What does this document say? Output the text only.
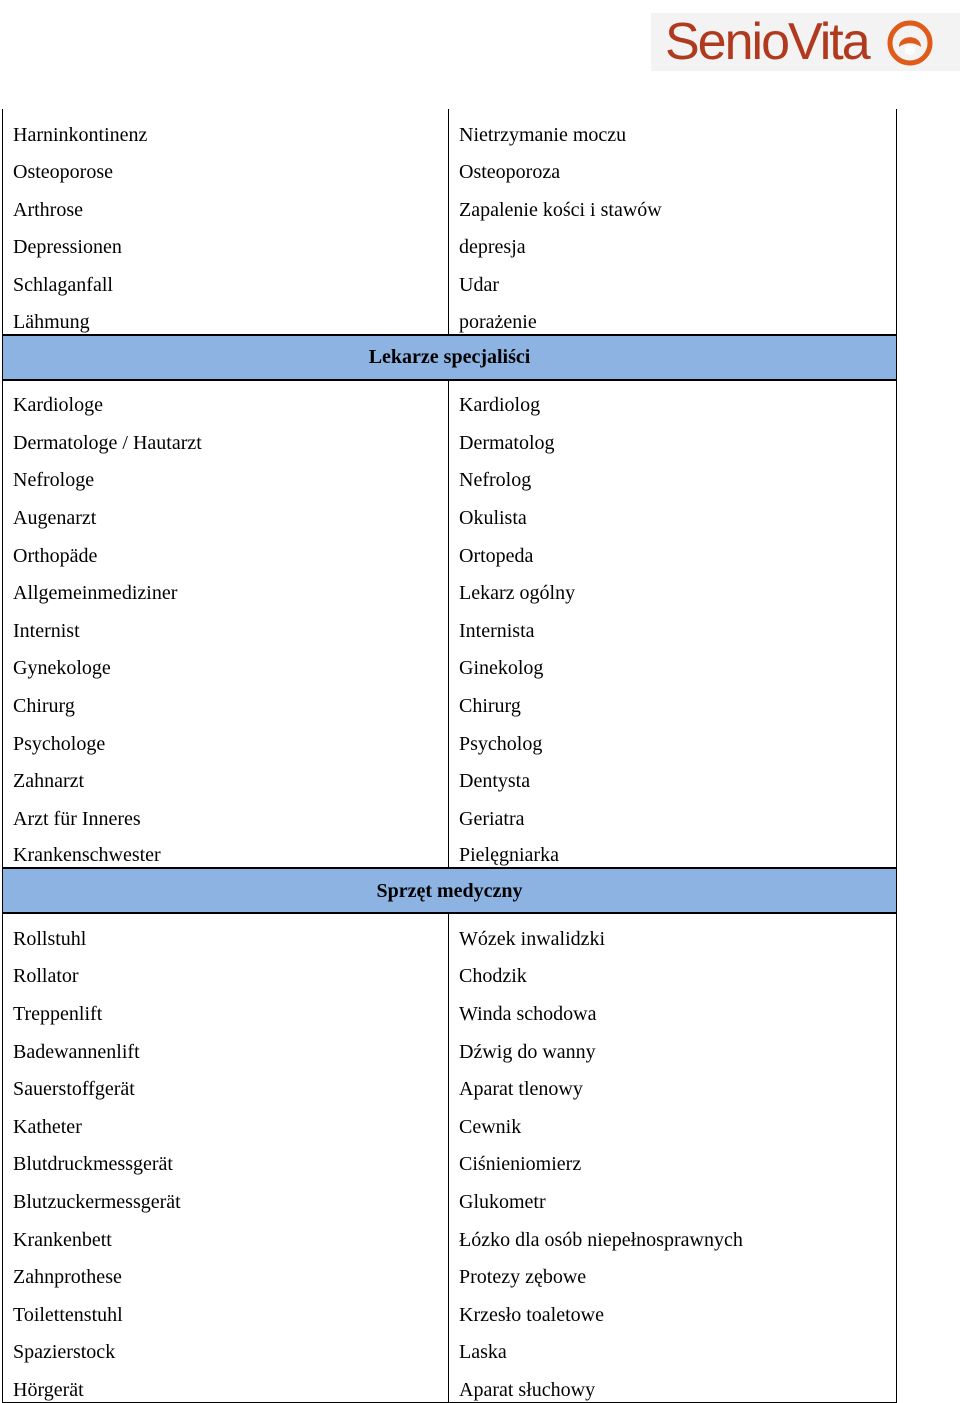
SenioVita
Harninkontinenz	Nietrzymanie moczu
Osteoporose	Osteoporoza
Arthrose	Zapalenie kości i stawów
Depressionen	depresja
Schlaganfall	Udar
Lähmung	porażenie
Lekarze specjaliści	
Kardiologe	Kardiolog
Dermatologe / Hautarzt	Dermatolog
Nefrologe	Nefrolog
Augenarzt	Okulista
Orthopäde	Ortopeda
Allgemeinmediziner	Lekarz ogólny
Internist	Internista
Gynekologe	Ginekolog
Chirurg	Chirurg
Psychologe	Psycholog
Zahnarzt	Dentysta
Arzt für Inneres	Geriatra
Krankenschwester	Pielęgniarka
Sprzęt medyczny	
Rollstuhl	Wózek inwalidzki
Rollator	Chodzik
Treppenlift	Winda schodowa
Badewannenlift	Dźwig do wanny
Sauerstoffgerät	Aparat tlenowy
Katheter	Cewnik
Blutdruckmessgerät	Ciśnieniomierz
Blutzuckermessgerät	Glukometr
Krankenbett	Łózko dla osób niepełnosprawnych
Zahnprothese	Protezy zębowe
Toilettenstuhl	Krzesło toaletowe
Spazierstock	Laska
Hörgerät	Aparat słuchowy
